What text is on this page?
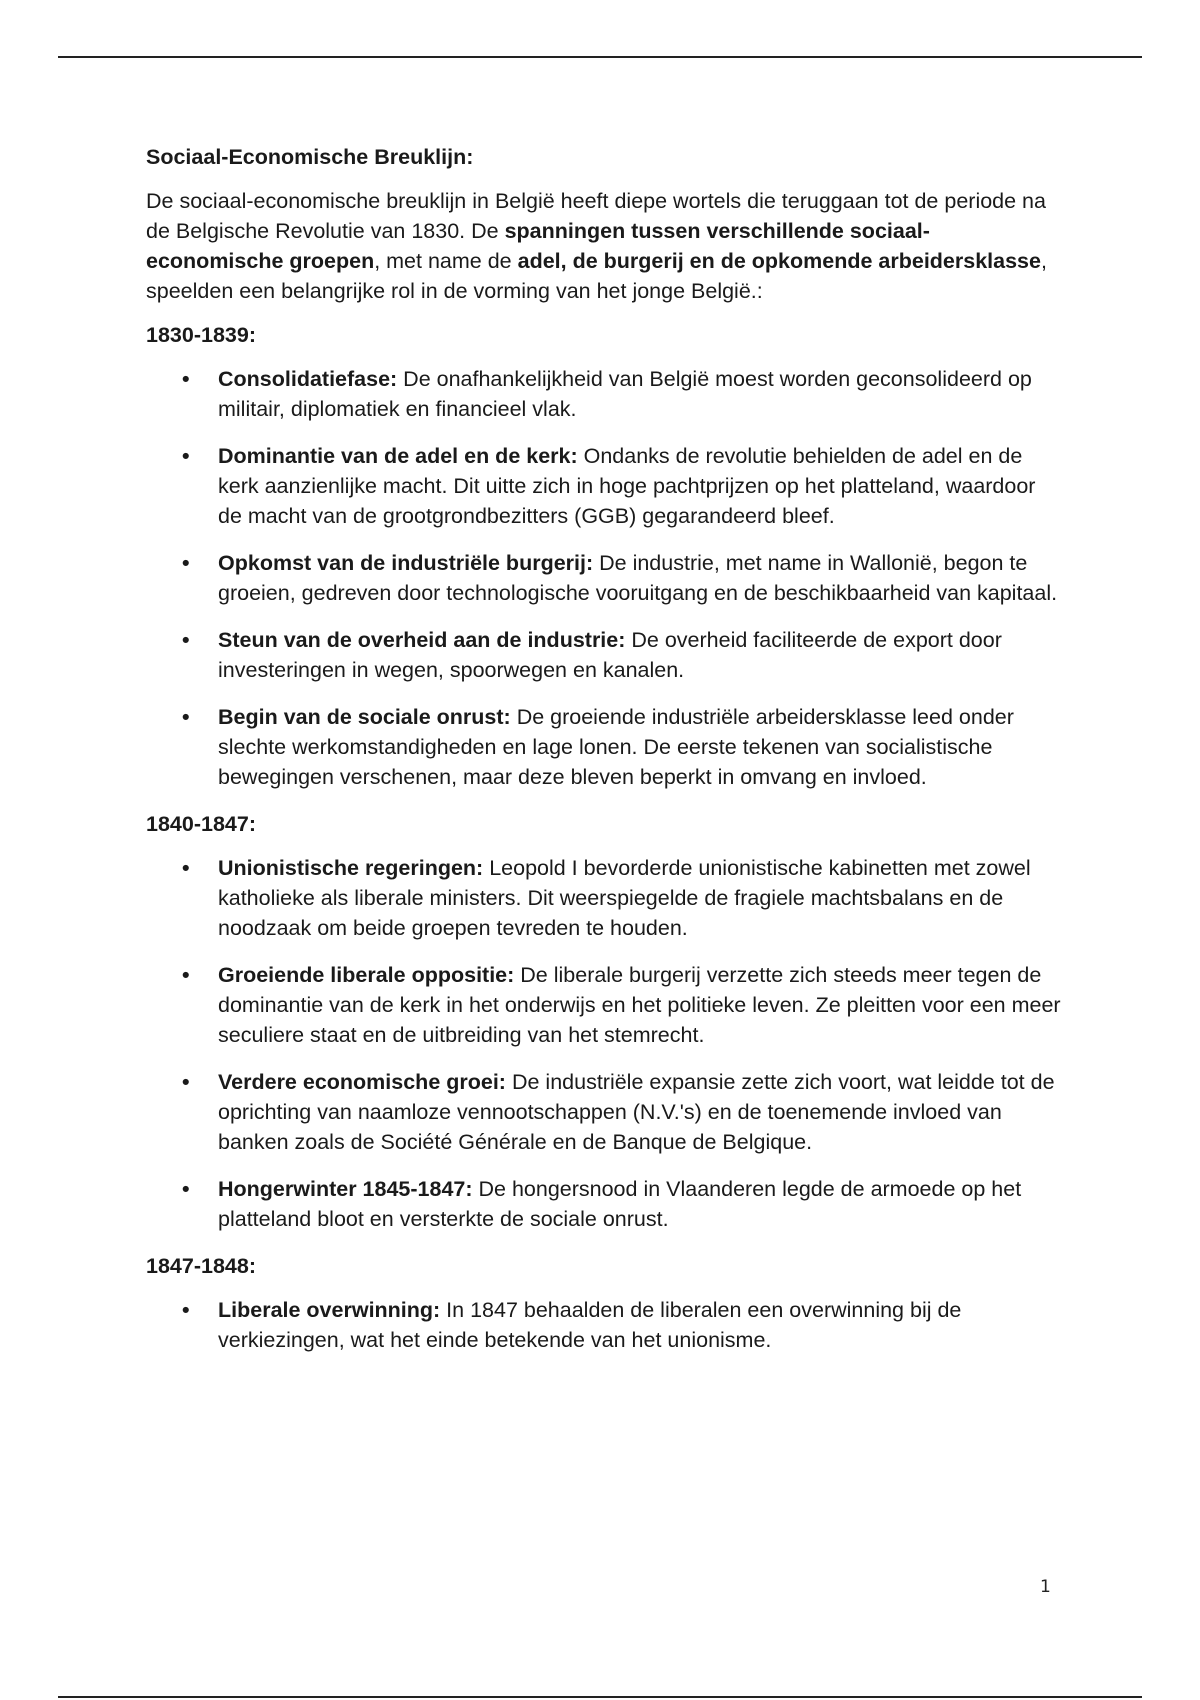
Sociaal-Economische Breuklijn:

De sociaal-economische breuklijn in België heeft diepe wortels die teruggaan tot de periode na de Belgische Revolutie van 1830. De spanningen tussen verschillende sociaal-economische groepen, met name de adel, de burgerij en de opkomende arbeidersklasse, speelden een belangrijke rol in de vorming van het jonge België.:

1830-1839:
• Consolidatiefase: De onafhankelijkheid van België moest worden geconsolideerd op militair, diplomatiek en financieel vlak.
• Dominantie van de adel en de kerk: Ondanks de revolutie behielden de adel en de kerk aanzienlijke macht. Dit uitte zich in hoge pachtprijzen op het platteland, waardoor de macht van de grootgrondbezitters (GGB) gegarandeerd bleef.
• Opkomst van de industriële burgerij: De industrie, met name in Wallonië, begon te groeien, gedreven door technologische vooruitgang en de beschikbaarheid van kapitaal.
• Steun van de overheid aan de industrie: De overheid faciliteerde de export door investeringen in wegen, spoorwegen en kanalen.
• Begin van de sociale onrust: De groeiende industriële arbeidersklasse leed onder slechte werkomstandigheden en lage lonen. De eerste tekenen van socialistische bewegingen verschenen, maar deze bleven beperkt in omvang en invloed.
1840-1847:
• Unionistische regeringen: Leopold I bevorderde unionistische kabinetten met zowel katholieke als liberale ministers. Dit weerspiegelde de fragiele machtsbalans en de noodzaak om beide groepen tevreden te houden.
• Groeiende liberale oppositie: De liberale burgerij verzette zich steeds meer tegen de dominantie van de kerk in het onderwijs en het politieke leven. Ze pleitten voor een meer seculiere staat en de uitbreiding van het stemrecht.
• Verdere economische groei: De industriële expansie zette zich voort, wat leidde tot de oprichting van naamloze vennootschappen (N.V.'s) en de toenemende invloed van banken zoals de Société Générale en de Banque de Belgique.
• Hongerwinter 1845-1847: De hongersnood in Vlaanderen legde de armoede op het platteland bloot en versterkte de sociale onrust.
1847-1848:
• Liberale overwinning: In 1847 behaalden de liberalen een overwinning bij de verkiezingen, wat het einde betekende van het unionisme.
1
